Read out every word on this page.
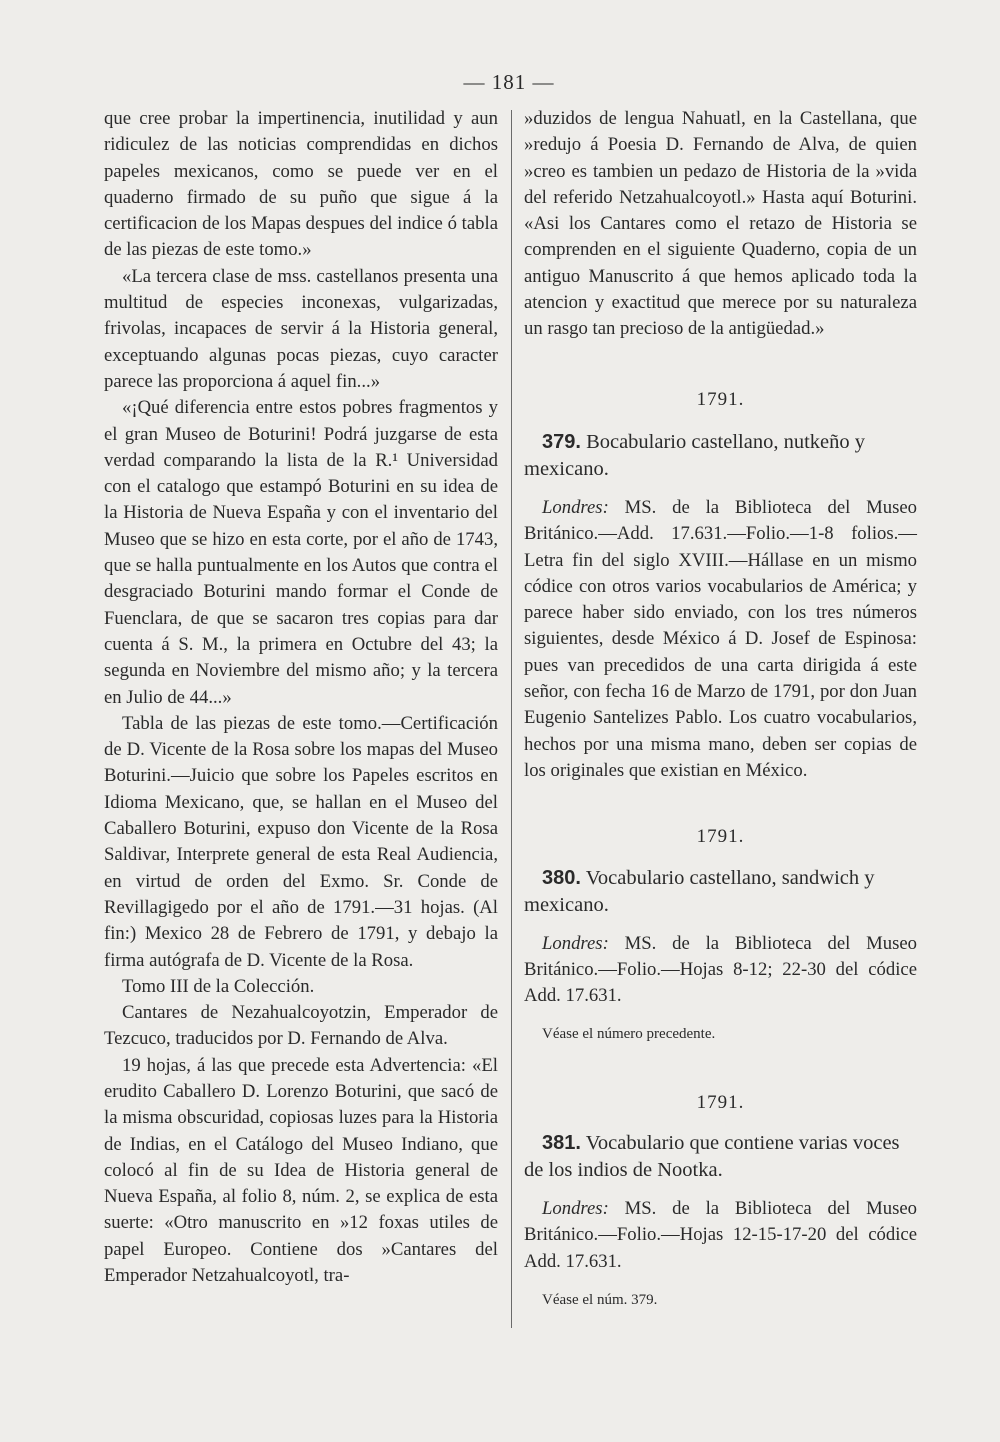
— 181 —

que cree probar la impertinencia, inutilidad y aun ridiculez de las noticias comprendidas en dichos papeles mexicanos, como se puede ver en el quaderno firmado de su puño que sigue á la certificacion de los Mapas despues del indice ó tabla de las piezas de este tomo.»

«La tercera clase de mss. castellanos presenta una multitud de especies inconexas, vulgarizadas, frivolas, incapaces de servir á la Historia general, exceptuando algunas pocas piezas, cuyo caracter parece las proporciona á aquel fin...»

«¡Qué diferencia entre estos pobres fragmentos y el gran Museo de Boturini! Podrá juzgarse de esta verdad comparando la lista de la R.¹ Universidad con el catalogo que estampó Boturini en su idea de la Historia de Nueva España y con el inventario del Museo que se hizo en esta corte, por el año de 1743, que se halla puntualmente en los Autos que contra el desgraciado Boturini mando formar el Conde de Fuenclara, de que se sacaron tres copias para dar cuenta á S. M., la primera en Octubre del 43; la segunda en Noviembre del mismo año; y la tercera en Julio de 44...»

Tabla de las piezas de este tomo.—Certificación de D. Vicente de la Rosa sobre los mapas del Museo Boturini.—Juicio que sobre los Papeles escritos en Idioma Mexicano, que, se hallan en el Museo del Caballero Boturini, expuso don Vicente de la Rosa Saldivar, Interprete general de esta Real Audiencia, en virtud de orden del Exmo. Sr. Conde de Revillagigedo por el año de 1791.—31 hojas. (Al fin:) Mexico 28 de Febrero de 1791, y debajo la firma autógrafa de D. Vicente de la Rosa.

Tomo III de la Colección.

Cantares de Nezahualcoyotzin, Emperador de Tezcuco, traducidos por D. Fernando de Alva.

19 hojas, á las que precede esta Advertencia: «El erudito Caballero D. Lorenzo Boturini, que sacó de la misma obscuridad, copiosas luzes para la Historia de Indias, en el Catálogo del Museo Indiano, que colocó al fin de su Idea de Historia general de Nueva España, al folio 8, núm. 2, se explica de esta suerte: «Otro manuscrito en »12 foxas utiles de papel Europeo. Contiene dos »Cantares del Emperador Netzahualcoyotl, tra-

»duzidos de lengua Nahuatl, en la Castellana, que »redujo á Poesia D. Fernando de Alva, de quien »creo es tambien un pedazo de Historia de la »vida del referido Netzahualcoyotl.» Hasta aquí Boturini. «Asi los Cantares como el retazo de Historia se comprenden en el siguiente Quaderno, copia de un antiguo Manuscrito á que hemos aplicado toda la atencion y exactitud que merece por su naturaleza un rasgo tan precioso de la antigüedad.»

1791.

379. Bocabulario castellano, nutkeño y mexicano.

Londres: MS. de la Biblioteca del Museo Británico.—Add. 17.631.—Folio.—1-8 folios.—Letra fin del siglo XVIII.—Hállase en un mismo códice con otros varios vocabularios de América; y parece haber sido enviado, con los tres números siguientes, desde México á D. Josef de Espinosa: pues van precedidos de una carta dirigida á este señor, con fecha 16 de Marzo de 1791, por don Juan Eugenio Santelizes Pablo. Los cuatro vocabularios, hechos por una misma mano, deben ser copias de los originales que existian en México.

1791.

380. Vocabulario castellano, sandwich y mexicano.

Londres: MS. de la Biblioteca del Museo Británico.—Folio.—Hojas 8-12; 22-30 del códice Add. 17.631.

Véase el número precedente.

1791.

381. Vocabulario que contiene varias voces de los indios de Nootka.

Londres: MS. de la Biblioteca del Museo Británico.—Folio.—Hojas 12-15-17-20 del códice Add. 17.631.

Véase el núm. 379.
